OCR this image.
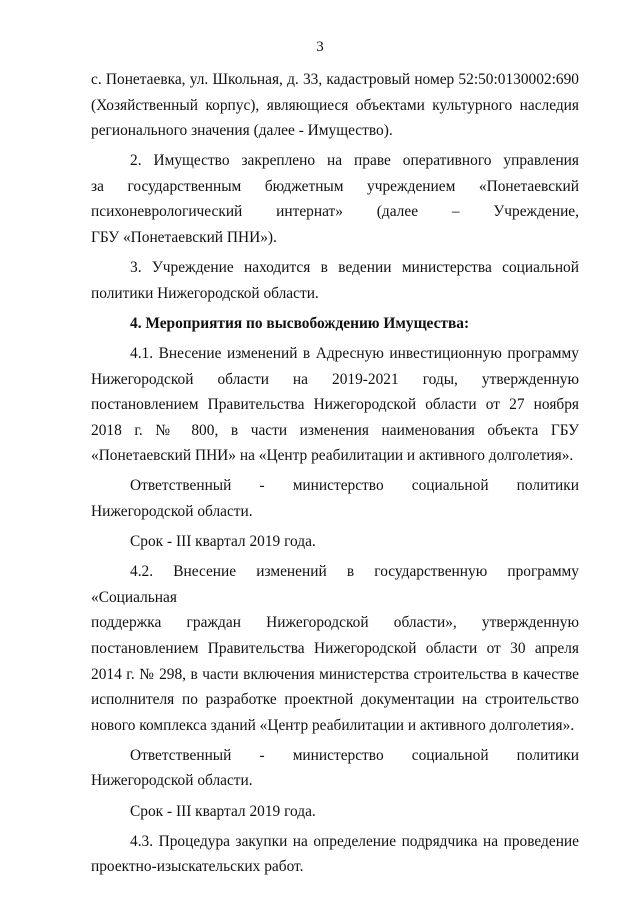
3

с. Понетаевка, ул. Школьная, д. 33, кадастровый номер 52:50:0130002:690

(Хозяйственный корпус), являющиеся объектами культурного наследия

регионального значения (далее - Имущество).

2. Имущество закреплено на праве оперативного управления

за государственным бюджетным учреждением «Понетаевский

психоневрологический интернат» (далее – Учреждение,

ГБУ «Понетаевский ПНИ»).

3. Учреждение находится в ведении министерства социальной

политики Нижегородской области.

4. Мероприятия по высвобождению Имущества:

4.1. Внесение изменений в Адресную инвестиционную программу

Нижегородской области на 2019-2021 годы, утвержденную

постановлением Правительства Нижегородской области от 27 ноября

2018 г. № 800, в части изменения наименования объекта ГБУ

«Понетаевский ПНИ» на «Центр реабилитации и активного долголетия».

Ответственный - министерство социальной политики

Нижегородской области.

Срок - III квартал 2019 года.

4.2. Внесение изменений в государственную программу «Социальная

поддержка граждан Нижегородской области», утвержденную

постановлением Правительства Нижегородской области от 30 апреля

2014 г. № 298, в части включения министерства строительства в качестве

исполнителя по разработке проектной документации на строительство

нового комплекса зданий «Центр реабилитации и активного долголетия».

Ответственный - министерство социальной политики

Нижегородской области.

Срок - III квартал 2019 года.

4.3. Процедура закупки на определение подрядчика на проведение

проектно-изыскательских работ.
